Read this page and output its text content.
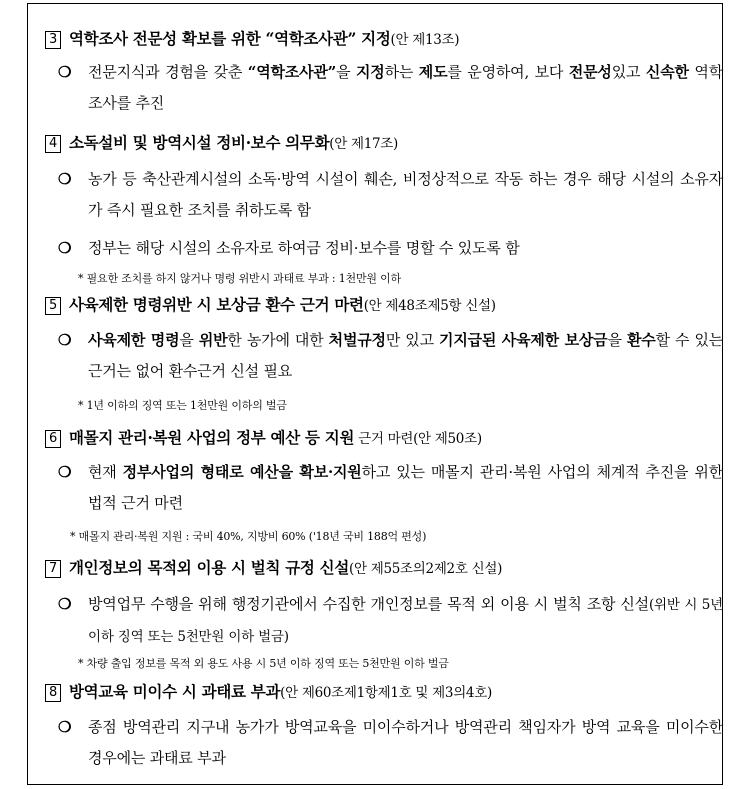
3 역학조사 전문성 확보를 위한 “역학조사관” 지정(안 제13조)
❍ 전문지식과 경험을 갖춘 “역학조사관”을 지정하는 제도를 운영하여, 보다 전문성있고 신속한 역학조사를 추진
4 소독설비 및 방역시설 정비·보수 의무화(안 제17조)
❍ 농가 등 축산관계시설의 소독·방역 시설이 훼손, 비정상적으로 작동 하는 경우 해당 시설의 소유자가 즉시 필요한 조치를 취하도록 함
❍ 정부는 해당 시설의 소유자로 하여금 정비·보수를 명할 수 있도록 함
* 필요한 조치를 하지 않거나 명령 위반시 과태료 부과 : 1천만원 이하
5 사육제한 명령위반 시 보상금 환수 근거 마련(안 제48조제5항 신설)
❍ 사육제한 명령을 위반한 농가에 대한 처벌규정만 있고 기지급된 사육제한 보상금을 환수할 수 있는 근거는 없어 환수근거 신설 필요
* 1년 이하의 징역 또는 1천만원 이하의 벌금
6 매몰지 관리·복원 사업의 정부 예산 등 지원 근거 마련(안 제50조)
❍ 현재 정부사업의 형태로 예산을 확보·지원하고 있는 매몰지 관리·복원 사업의 체계적 추진을 위한 법적 근거 마련
* 매몰지 관리·복원 지원 : 국비 40%, 지방비 60% ('18년 국비 188억 편성)
7 개인정보의 목적외 이용 시 벌칙 규정 신설(안 제55조의2제2호 신설)
❍ 방역업무 수행을 위해 행정기관에서 수집한 개인정보를 목적 외 이용 시 벌칙 조항 신설(위반 시 5년이하 징역 또는 5천만원 이하 벌금)
* 차량 출입 정보를 목적 외 용도 사용 시 5년 이하 징역 또는 5천만원 이하 벌금
8 방역교육 미이수 시 과태료 부과(안 제60조제1항제1호 및 제3의4호)
❍ 종점 방역관리 지구내 농가가 방역교육을 미이수하거나 방역관리 책임자가 방역 교육을 미이수한 경우에는 과태료 부과
